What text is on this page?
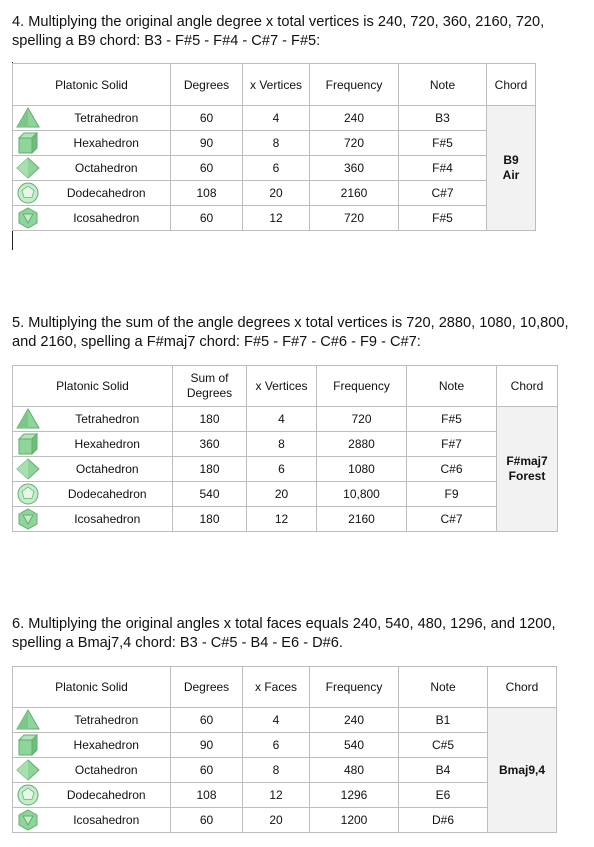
4. Multiplying the original angle degree x total vertices is 240, 720, 360, 2160, 720, spelling a B9 chord: B3 - F#5 - F#4 - C#7 - F#5:

Platonic Solid		Degrees	x Vertices	Frequency	Note	Chord

	Tetrahedron	60	4	240	B3	B9
Air

	Hexahedron	90	8	720	F#5	

	Octahedron	60	6	360	F#4	

	Dodecahedron	108	20	2160	C#7	

	Icosahedron	60	12	720	F#5	

5. Multiplying the sum of the angle degrees x total vertices is 720, 2880, 1080, 10,800, and 2160, spelling a F#maj7 chord: F#5 - F#7 - C#6 - F9 - C#7:

Platonic Solid		Sum of
Degrees	x Vertices	Frequency	Note	Chord

	Tetrahedron	180	4	720	F#5	F#maj7
Forest

	Hexahedron	360	8	2880	F#7	

	Octahedron	180	6	1080	C#6	

	Dodecahedron	540	20	10,800	F9	

	Icosahedron	180	12	2160	C#7	

6. Multiplying the original angles x total faces equals 240, 540, 480, 1296, and 1200, spelling a Bmaj7,4 chord: B3 - C#5 - B4 - E6 - D#6.

Platonic Solid		Degrees	x Faces	Frequency	Note	Chord

	Tetrahedron	60	4	240	B1	Bmaj9,4

	Hexahedron	90	6	540	C#5	

	Octahedron	60	8	480	B4	

	Dodecahedron	108	12	1296	E6	

	Icosahedron	60	20	1200	D#6	
